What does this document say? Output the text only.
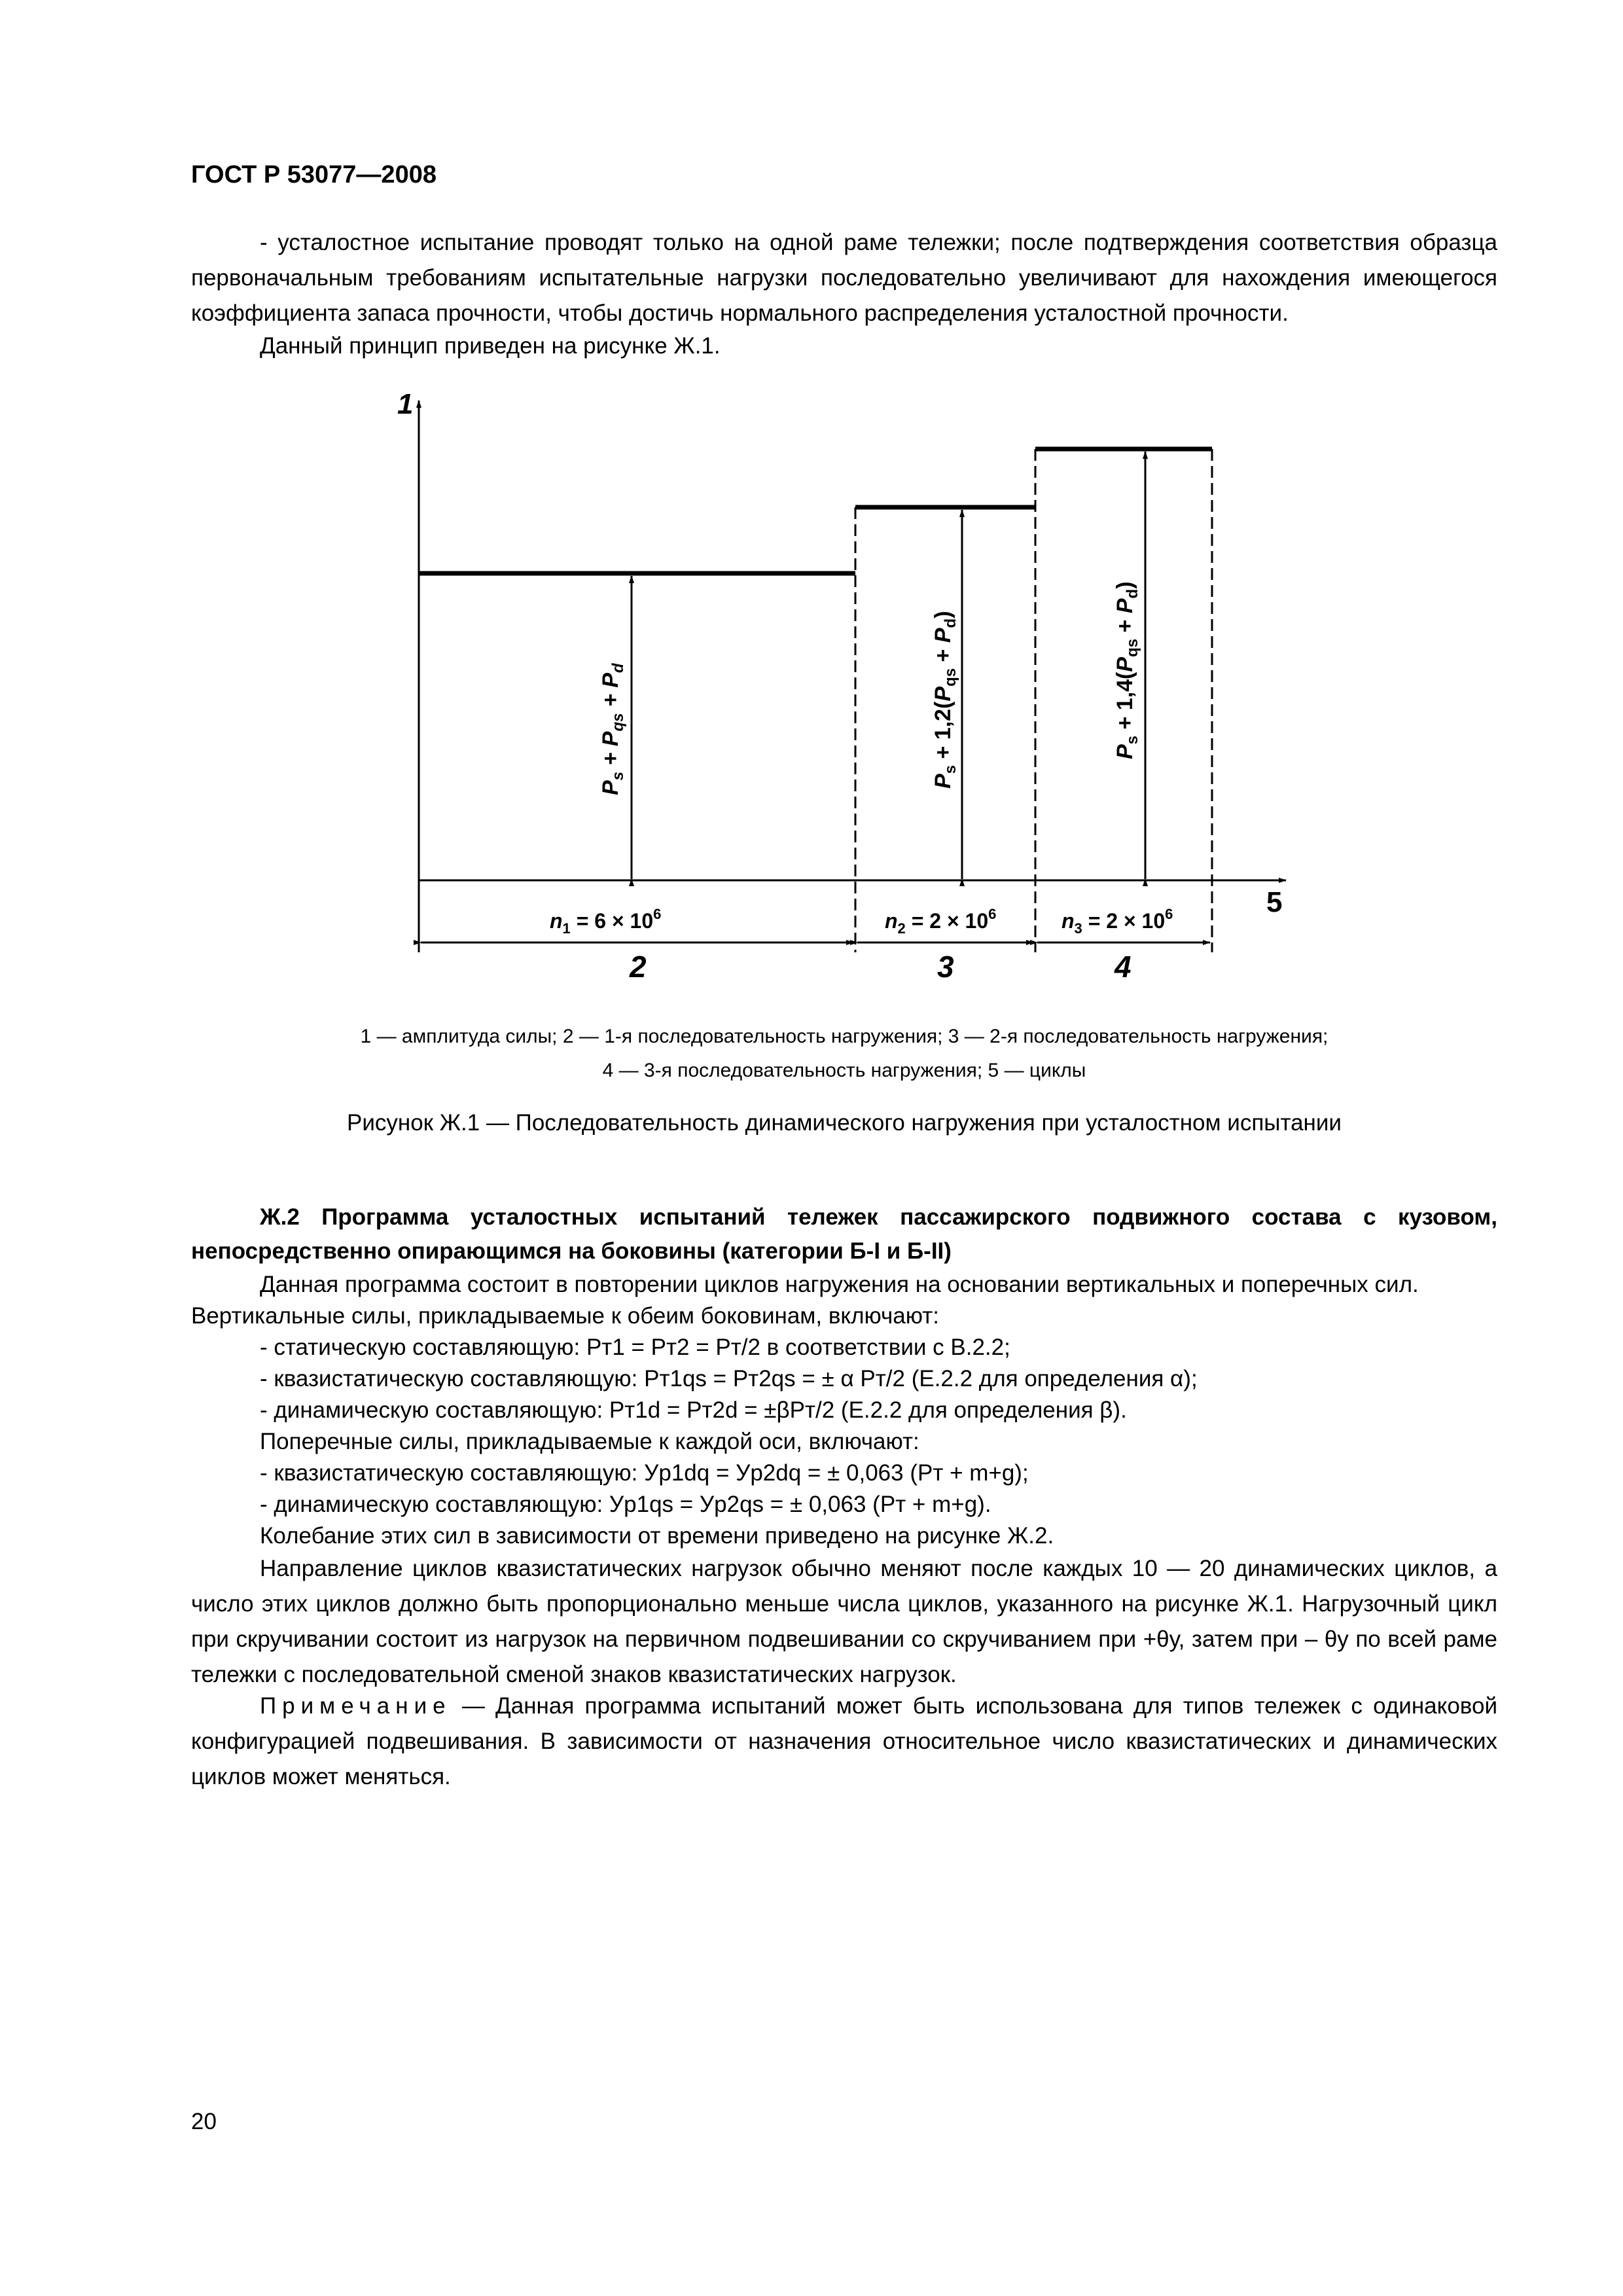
ГОСТ Р 53077—2008
- усталостное испытание проводят только на одной раме тележки; после подтверждения соответствия образца первоначальным требованиям испытательные нагрузки последовательно увеличивают для нахождения имеющегося коэффициента запаса прочности, чтобы достичь нормального распределения усталостной прочности.
Данный принцип приведен на рисунке Ж.1.
1
5
$P_s + P_{qs} + P_d$
$P_s + 1,2(P_{qs} + P_d)$
$P_s + 1,4(P_{qs} + P_d)$
$n_1 = 6 \times 10^6$	$n_2 = 2 \times 10^6$	$n_3 = 2 \times 10^6$
2	3	4
1 — амплитуда силы; 2 — 1-я последовательность нагружения; 3 — 2-я последовательность нагружения;
4 — 3-я последовательность нагружения; 5 — циклы
Рисунок Ж.1 — Последовательность динамического нагружения при усталостном испытании
Ж.2 Программа усталостных испытаний тележек пассажирского подвижного состава с кузовом, непосредственно опирающимся на боковины (категории Б-I и Б-II)
Данная программа состоит в повторении циклов нагружения на основании вертикальных и поперечных сил.
Вертикальные силы, прикладываемые к обеим боковинам, включают:
- статическую составляющую: Pт1 = Pт2 = Pт/2 в соответствии с В.2.2;
- квазистатическую составляющую: Pт1qs = Pт2qs = ± α Pт/2 (Е.2.2 для определения α);
- динамическую составляющую: Pт1d = Pт2d = ±βPт/2 (Е.2.2 для определения β).
Поперечные силы, прикладываемые к каждой оси, включают:
- квазистатическую составляющую: Уp1dq = Уp2dq = ± 0,063 (Pт + m+g);
- динамическую составляющую: Уp1qs = Уp2qs = ± 0,063 (Pт + m+g).
Колебание этих сил в зависимости от времени приведено на рисунке Ж.2.
Направление циклов квазистатических нагрузок обычно меняют после каждых 10 — 20 динамических циклов, а число этих циклов должно быть пропорционально меньше числа циклов, указанного на рисунке Ж.1. Нагрузочный цикл при скручивании состоит из нагрузок на первичном подвешивании со скручиванием при +θу, затем при – θу по всей раме тележки с последовательной сменой знаков квазистатических нагрузок.
Примечание — Данная программа испытаний может быть использована для типов тележек с одинаковой конфигурацией подвешивания. В зависимости от назначения относительное число квазистатических и динамических циклов может меняться.
20
